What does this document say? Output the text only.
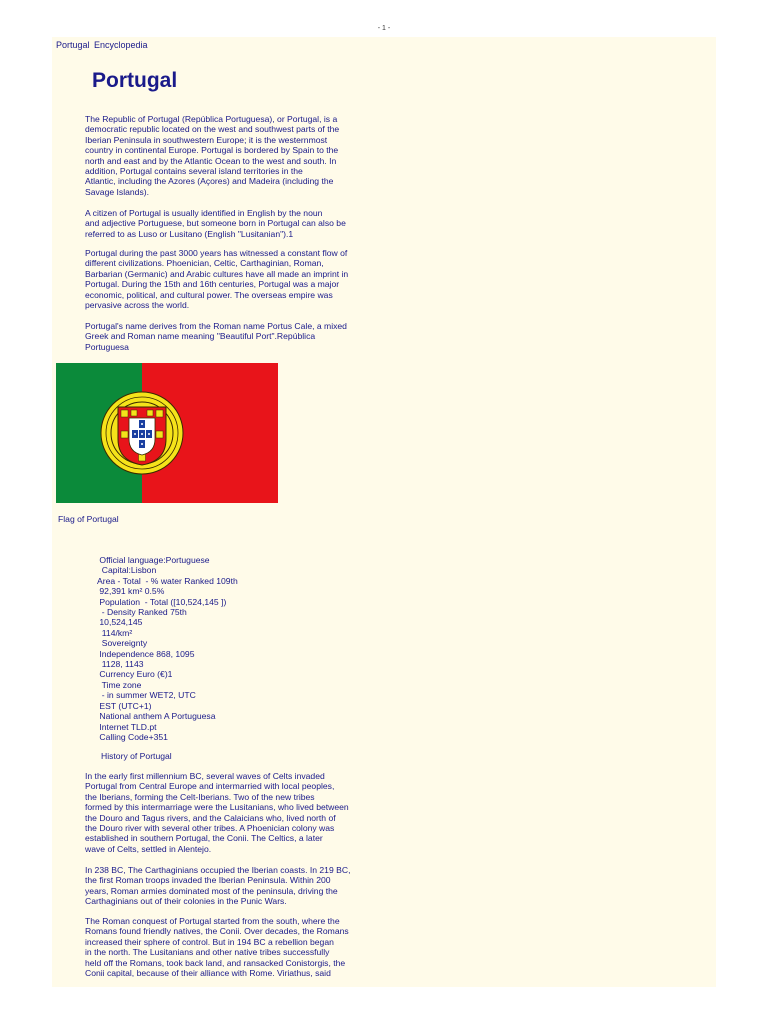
- 1 -
Portugal Encyclopedia
Portugal
The Republic of Portugal (República Portuguesa), or Portugal, is a
democratic republic located on the west and southwest parts of the
Iberian Peninsula in southwestern Europe; it is the westernmost
country in continental Europe. Portugal is bordered by Spain to the
north and east and by the Atlantic Ocean to the west and south. In
addition, Portugal contains several island territories in the
Atlantic, including the Azores (Açores) and Madeira (including the
Savage Islands).
A citizen of Portugal is usually identified in English by the noun
and adjective Portuguese, but someone born in Portugal can also be
referred to as Luso or Lusitano (English "Lusitanian").1
Portugal during the past 3000 years has witnessed a constant flow of
different civilizations. Phoenician, Celtic, Carthaginian, Roman,
Barbarian (Germanic) and Arabic cultures have all made an imprint in
Portugal. During the 15th and 16th centuries, Portugal was a major
economic, political, and cultural power. The overseas empire was
pervasive across the world.
Portugal's name derives from the Roman name Portus Cale, a mixed
Greek and Roman name meaning "Beautiful Port".República
Portuguesa
Flag of Portugal
Official language:Portuguese
Capital:Lisbon
Area - Total  - % water Ranked 109th
92,391 km² 0.5%
Population  - Total ([10,524,145 ])
- Density Ranked 75th
10,524,145
114/km²
Sovereignty
Independence 868, 1095
1128, 1143
Currency Euro (€)1
Time zone
- in summer WET2, UTC
EST (UTC+1)
National anthem A Portuguesa
Internet TLD.pt
Calling Code+351
History of Portugal
In the early first millennium BC, several waves of Celts invaded
Portugal from Central Europe and intermarried with local peoples,
the Iberians, forming the Celt-Iberians. Two of the new tribes
formed by this intermarriage were the Lusitanians, who lived between
the Douro and Tagus rivers, and the Calaicians who, lived north of
the Douro river with several other tribes. A Phoenician colony was
established in southern Portugal, the Conii. The Celtics, a later
wave of Celts, settled in Alentejo.
In 238 BC, The Carthaginians occupied the Iberian coasts. In 219 BC,
the first Roman troops invaded the Iberian Peninsula. Within 200
years, Roman armies dominated most of the peninsula, driving the
Carthaginians out of their colonies in the Punic Wars.
The Roman conquest of Portugal started from the south, where the
Romans found friendly natives, the Conii. Over decades, the Romans
increased their sphere of control. But in 194 BC a rebellion began
in the north. The Lusitanians and other native tribes successfully
held off the Romans, took back land, and ransacked Conistorgis, the
Conii capital, because of their alliance with Rome. Viriathus, said
